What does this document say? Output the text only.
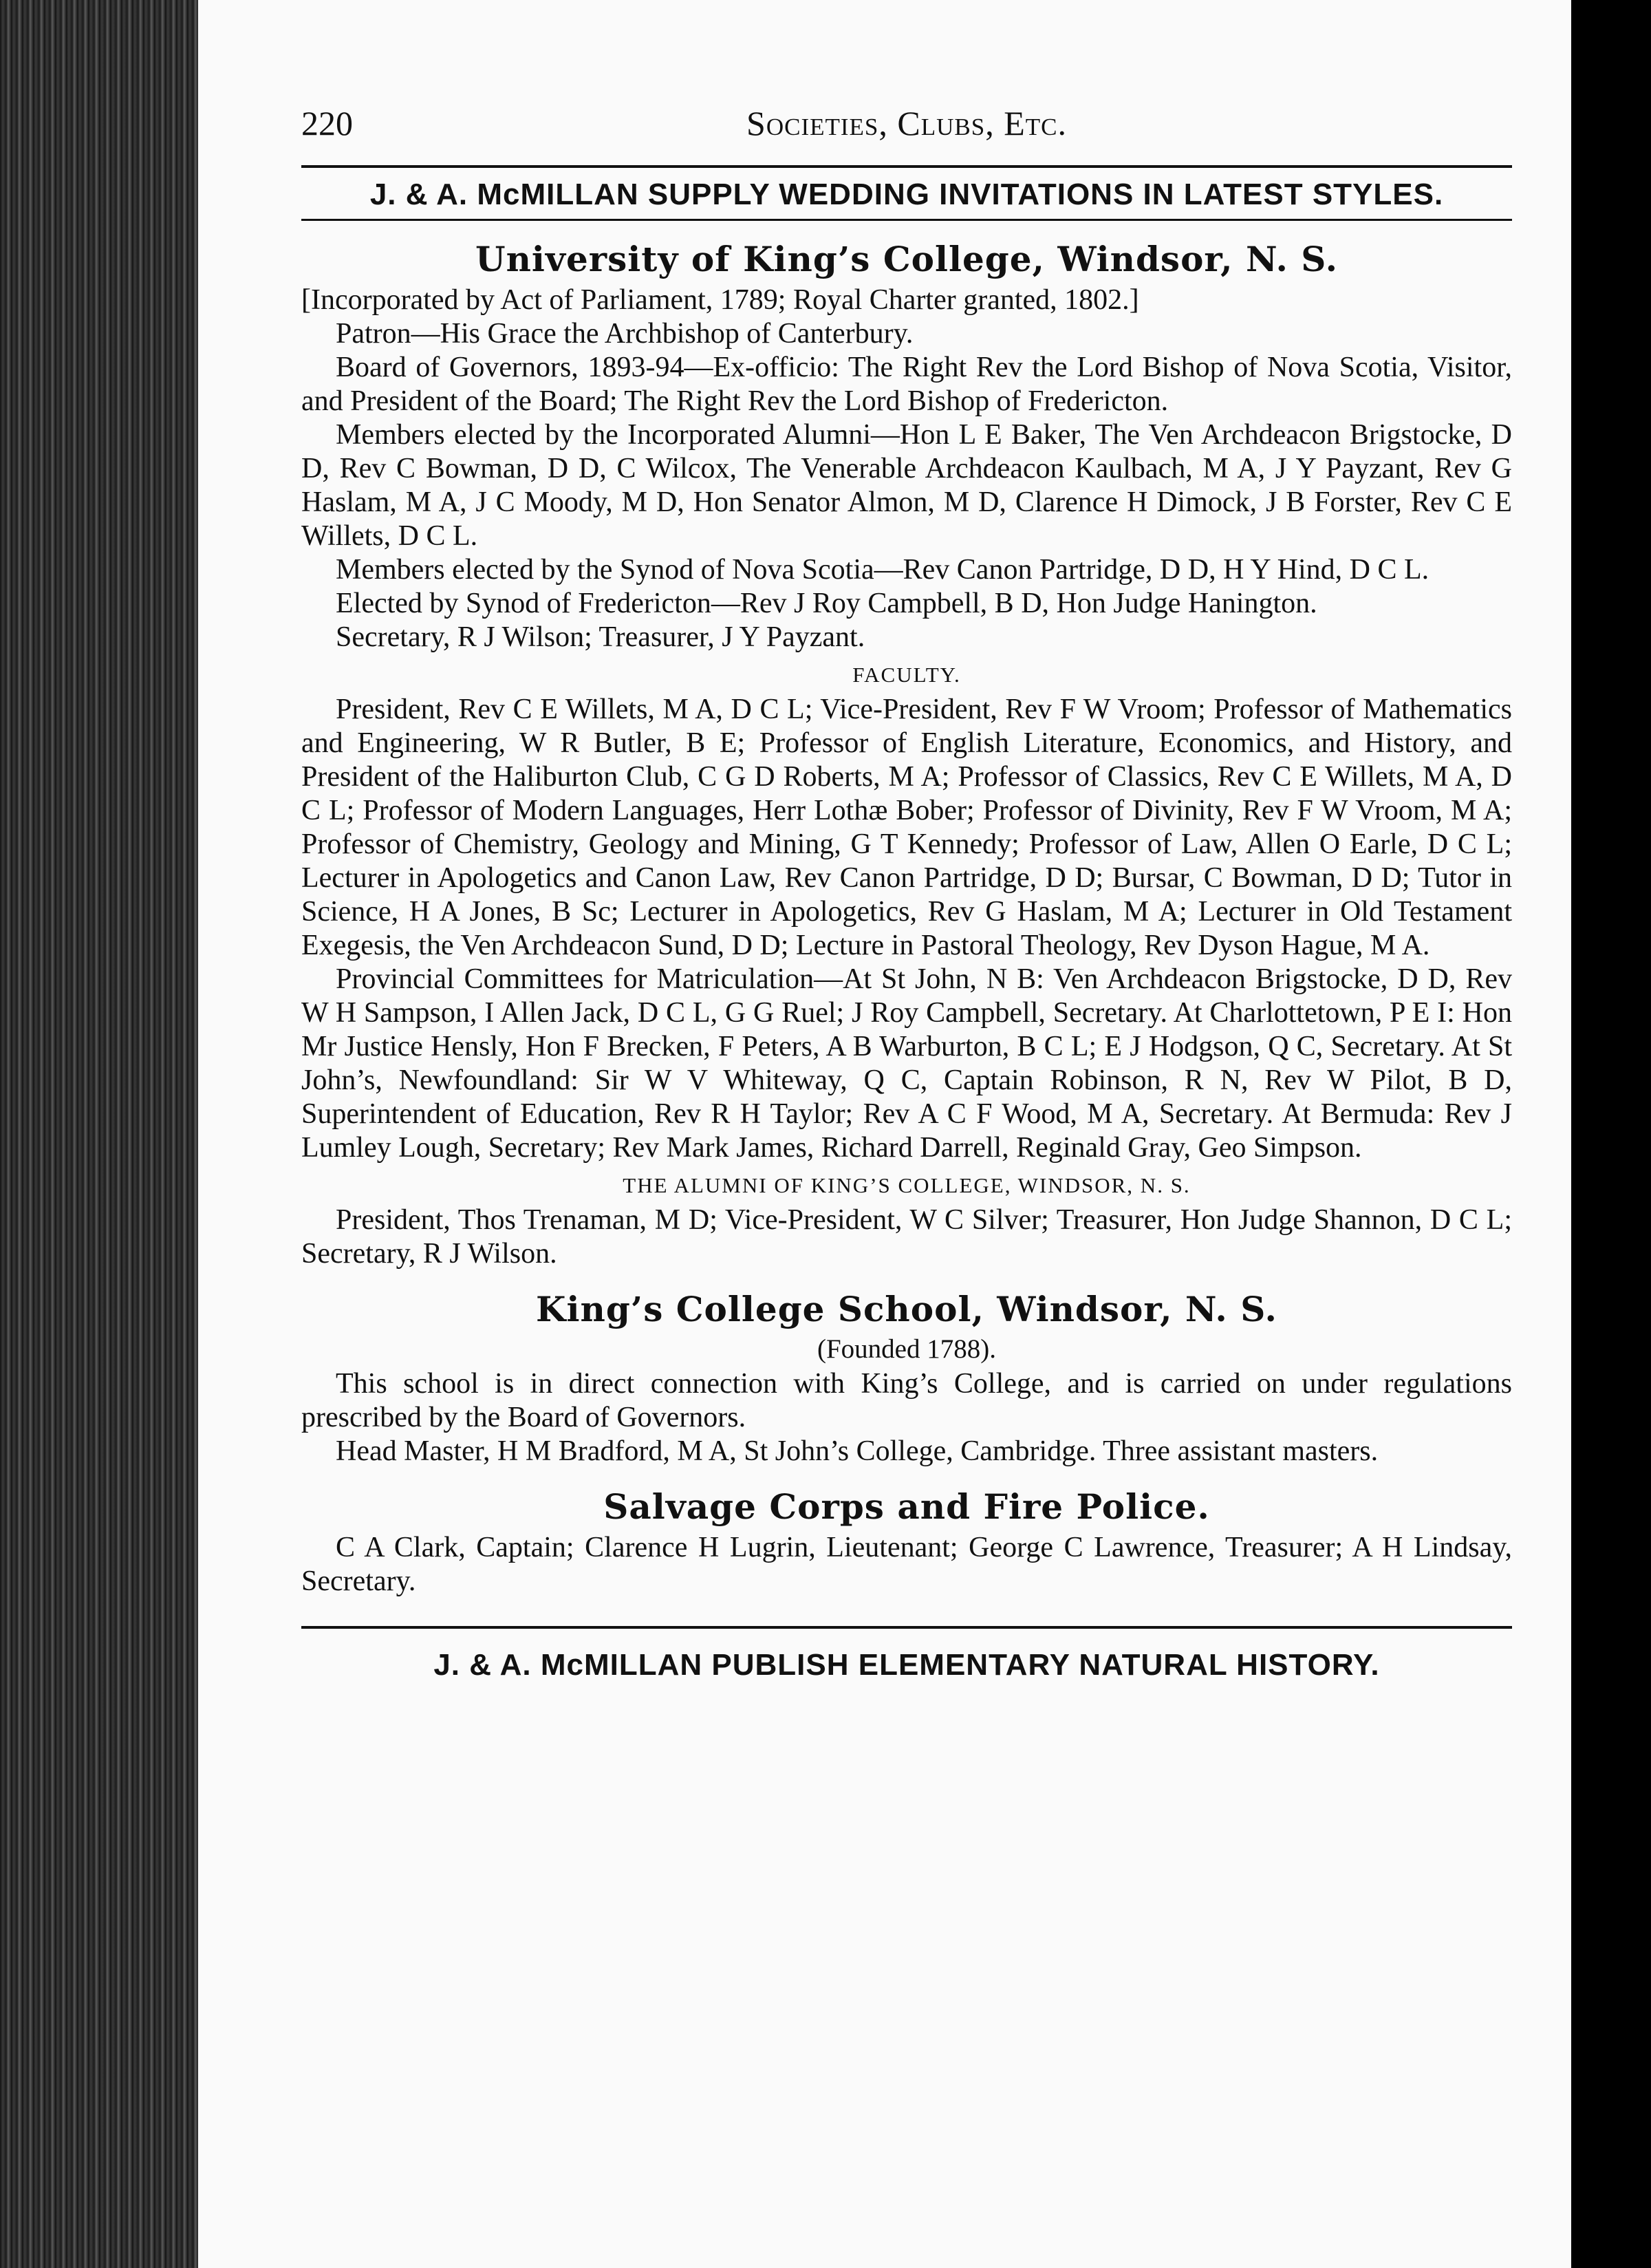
220	Societies, Clubs, Etc.
J. & A. McMILLAN SUPPLY WEDDING INVITATIONS IN LATEST STYLES.
University of King’s College, Windsor, N. S.

[Incorporated by Act of Parliament, 1789; Royal Charter granted, 1802.]

Patron—His Grace the Archbishop of Canterbury.

Board of Governors, 1893-94—Ex-officio: The Right Rev the Lord Bishop of Nova Scotia, Visitor, and President of the Board; The Right Rev the Lord Bishop of Fredericton.

Members elected by the Incorporated Alumni—Hon L E Baker, The Ven Archdeacon Brigstocke, D D, Rev C Bowman, D D, C Wilcox, The Venerable Archdeacon Kaulbach, M A, J Y Payzant, Rev G Haslam, M A, J C Moody, M D, Hon Senator Almon, M D, Clarence H Dimock, J B Forster, Rev C E Willets, D C L.

Members elected by the Synod of Nova Scotia—Rev Canon Partridge, D D, H Y Hind, D C L.

Elected by Synod of Fredericton—Rev J Roy Campbell, B D, Hon Judge Hanington.

Secretary, R J Wilson; Treasurer, J Y Payzant.

FACULTY.

President, Rev C E Willets, M A, D C L; Vice-President, Rev F W Vroom; Professor of Mathematics and Engineering, W R Butler, B E; Professor of English Literature, Economics, and History, and President of the Haliburton Club, C G D Roberts, M A; Professor of Classics, Rev C E Willets, M A, D C L; Professor of Modern Languages, Herr Lothæ Bober; Professor of Divinity, Rev F W Vroom, M A; Professor of Chemistry, Geology and Mining, G T Kennedy; Professor of Law, Allen O Earle, D C L; Lecturer in Apologetics and Canon Law, Rev Canon Partridge, D D; Bursar, C Bowman, D D; Tutor in Science, H A Jones, B Sc; Lecturer in Apologetics, Rev G Haslam, M A; Lecturer in Old Testament Exegesis, the Ven Archdeacon Sund, D D; Lecture in Pastoral Theology, Rev Dyson Hague, M A.

Provincial Committees for Matriculation—At St John, N B: Ven Archdeacon Brigstocke, D D, Rev W H Sampson, I Allen Jack, D C L, G G Ruel; J Roy Campbell, Secretary. At Charlottetown, P E I: Hon Mr Justice Hensly, Hon F Brecken, F Peters, A B Warburton, B C L; E J Hodgson, Q C, Secretary. At St John’s, Newfoundland: Sir W V Whiteway, Q C, Captain Robinson, R N, Rev W Pilot, B D, Superintendent of Education, Rev R H Taylor; Rev A C F Wood, M A, Secretary. At Bermuda: Rev J Lumley Lough, Secretary; Rev Mark James, Richard Darrell, Reginald Gray, Geo Simpson.

THE ALUMNI OF KING’S COLLEGE, WINDSOR, N. S.

President, Thos Trenaman, M D; Vice-President, W C Silver; Treasurer, Hon Judge Shannon, D C L; Secretary, R J Wilson.

King’s College School, Windsor, N. S.
(Founded 1788).

This school is in direct connection with King’s College, and is carried on under regulations prescribed by the Board of Governors.

Head Master, H M Bradford, M A, St John’s College, Cambridge. Three assistant masters.

Salvage Corps and Fire Police.

C A Clark, Captain; Clarence H Lugrin, Lieutenant; George C Lawrence, Treasurer; A H Lindsay, Secretary.

J. & A. McMILLAN PUBLISH ELEMENTARY NATURAL HISTORY.
